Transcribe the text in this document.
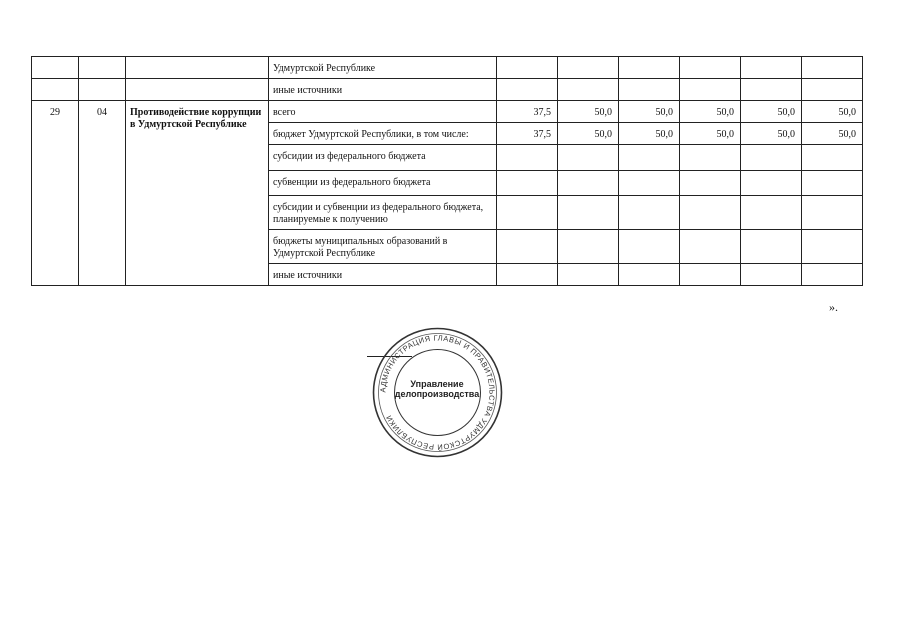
			Удмуртской Республике						
			иные источники						
29	04	Противодействие коррупции в Удмуртской Республике	всего	37,5	50,0	50,0	50,0	50,0	50,0
			бюджет Удмуртской Республики, в том числе:	37,5	50,0	50,0	50,0	50,0	50,0
			субсидии из федерального бюджета						
			субвенции из федерального бюджета						
			субсидии и субвенции из федерального бюджета, планируемые к получению						
			бюджеты муниципальных образований в Удмуртской Республике						
			иные источники						
».
АДМИНИСТРАЦИЯ ГЛАВЫ И ПРАВИТЕЛЬСТВА УДМУРТСКОЙ РЕСПУБЛИКИ
Управление делопроизводства
